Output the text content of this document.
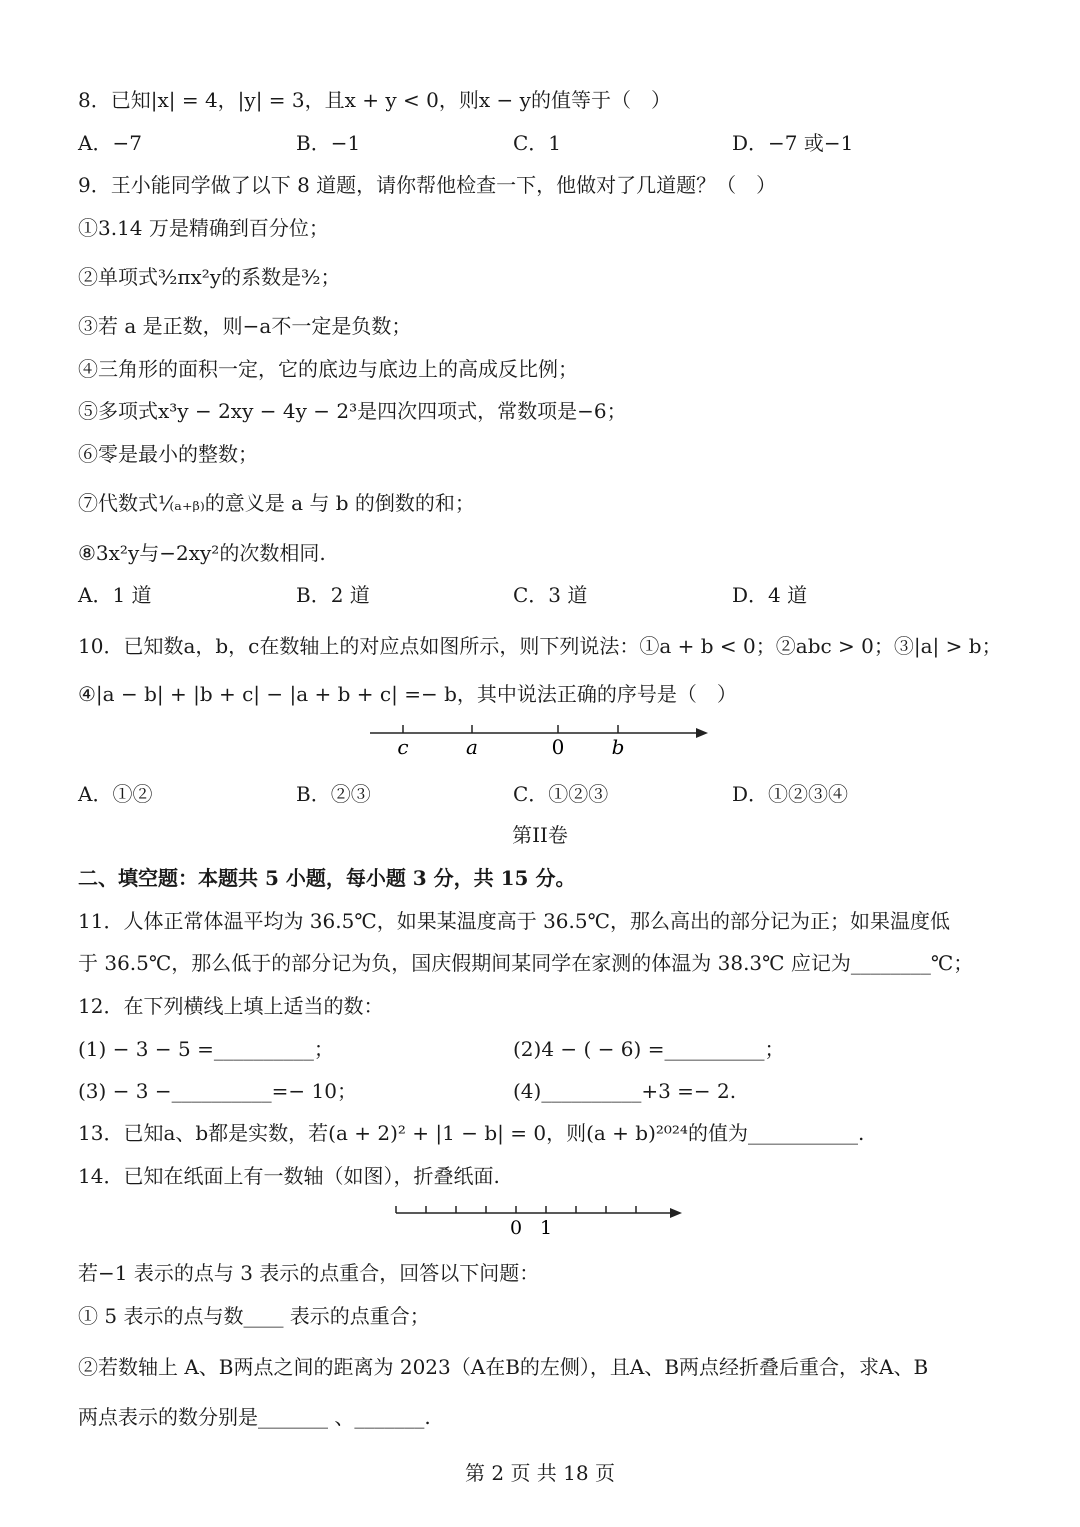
8．已知|x| = 4，|y| = 3，且x + y < 0，则x − y的值等于（　）
A．−7	B．−1	C．1	D．−7 或−1
9．王小能同学做了以下 8 道题，请你帮他检查一下，他做对了几道题？（　）
①3.14 万是精确到百分位；
②单项式³⁄₂πx²y的系数是³⁄₂；
③若 a 是正数，则−a不一定是负数；
④三角形的面积一定，它的底边与底边上的高成反比例；
⑤多项式x³y − 2xy − 4y − 2³是四次四项式，常数项是−6；
⑥零是最小的整数；
⑦代数式¹⁄₍ₐ₊ᵦ₎的意义是 a 与 b 的倒数的和；
⑧3x²y与−2xy²的次数相同.
A．1 道	B．2 道	C．3 道	D．4 道
10．已知数a，b，c在数轴上的对应点如图所示，则下列说法：①a + b < 0；②abc > 0；③|a| > b；
④|a − b| + |b + c| − |a + b + c| =− b，其中说法正确的序号是（　）
c	a	0 b
A．①②	B．②③	C．①②③	D．①②③④
第II卷
二、填空题：本题共 5 小题，每小题 3 分，共 15 分。
11．人体正常体温平均为 36.5℃，如果某温度高于 36.5℃，那么高出的部分记为正；如果温度低
于 36.5℃，那么低于的部分记为负，国庆假期间某同学在家测的体温为 38.3℃ 应记为________℃；
12．在下列横线上填上适当的数：
(1) − 3 − 5 =__________；	(2)4 − ( − 6) =__________；
(3) − 3 −__________=− 10；	(4)__________+3 =− 2.
13．已知a、b都是实数，若(a + 2)² + |1 − b| = 0，则(a + b)²⁰²⁴的值为___________.
14．已知在纸面上有一数轴（如图），折叠纸面.
0 1
若−1 表示的点与 3 表示的点重合，回答以下问题：
① 5 表示的点与数____ 表示的点重合；
②若数轴上 A、B两点之间的距离为 2023（A在B的左侧），且A、B两点经折叠后重合，求A、B
两点表示的数分别是_______ 、_______.
第 2 页 共 18 页
